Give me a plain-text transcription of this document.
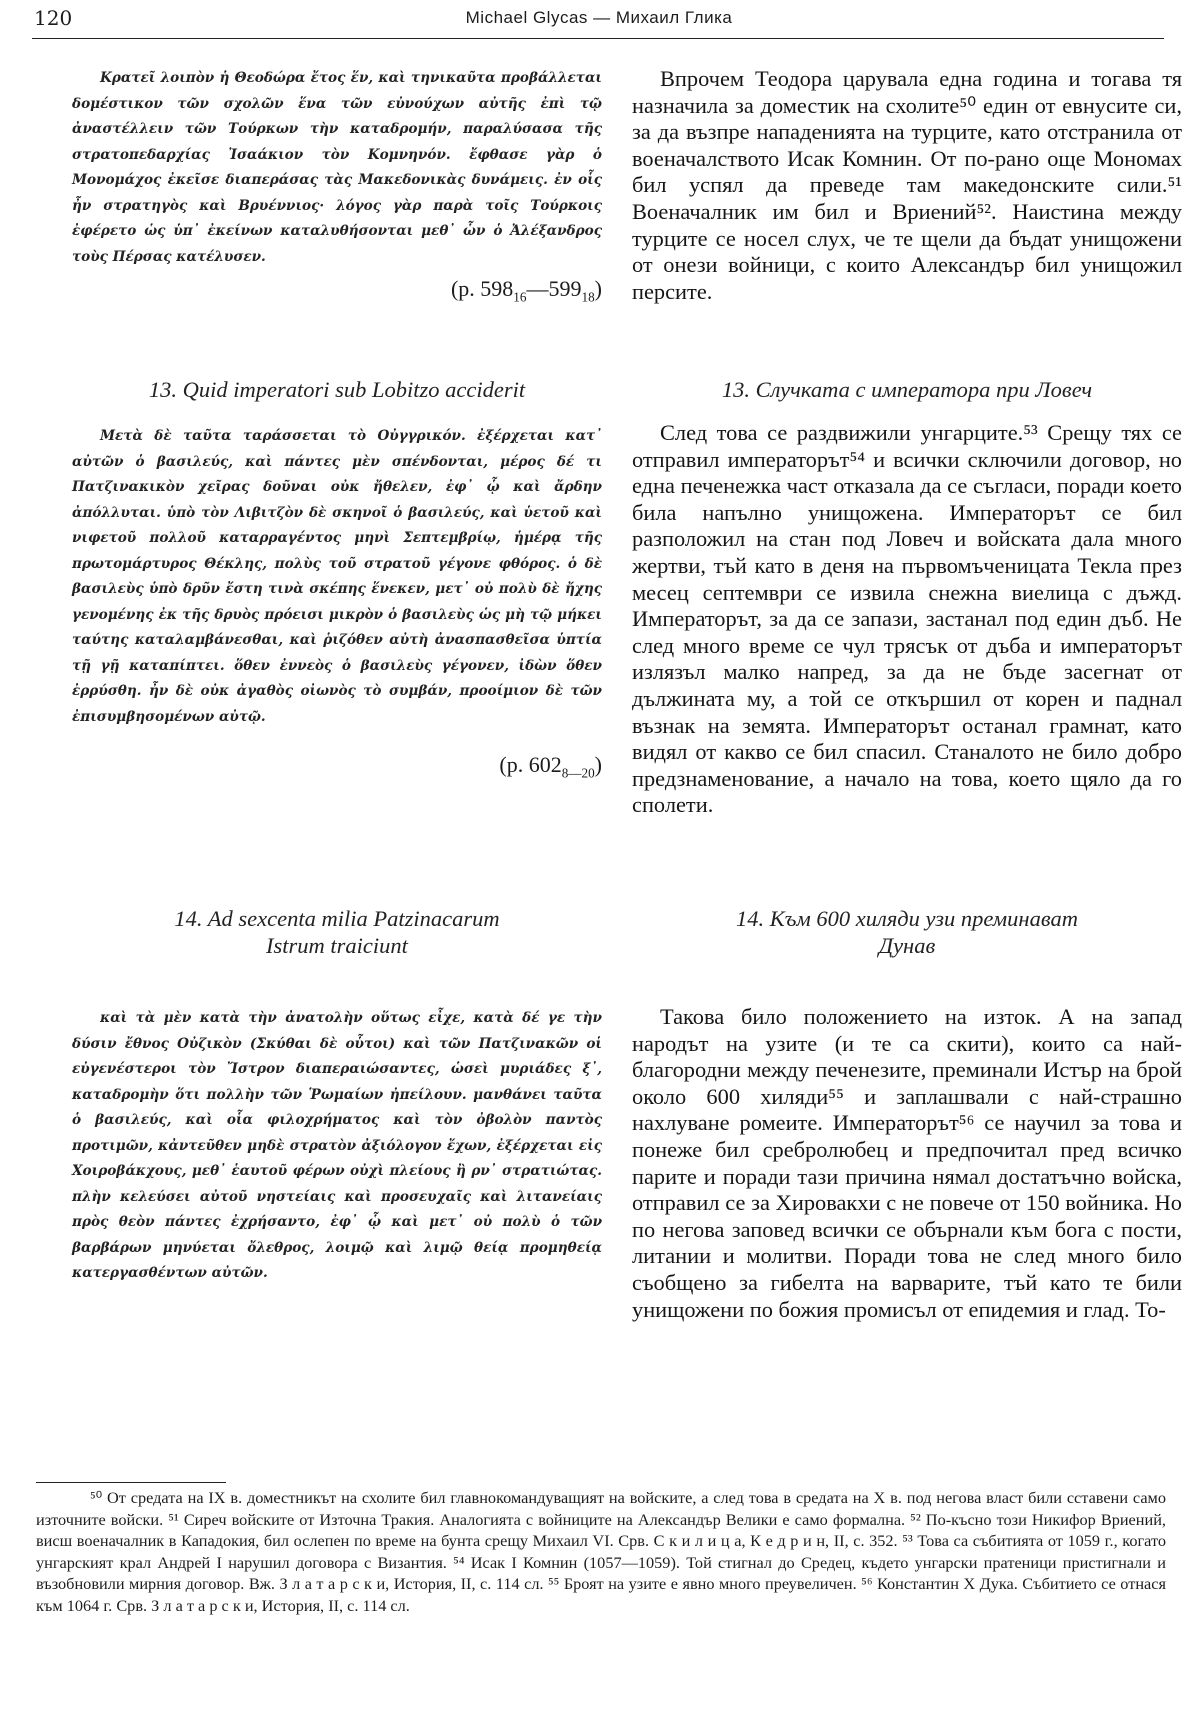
120	Michael Glycas — Михаил Глика

Κρατεῖ λοιπὸν ἡ Θεοδώρα ἔτος ἕν, καὶ τηνικαῦτα προβάλλεται δομέστικον τῶν σχολῶν ἕνα τῶν εὐνούχων αὐτῆς ἐπὶ τῷ ἀναστέλλειν τῶν Τούρκων τὴν καταδρομήν, παραλύσασα τῆς στρατοπεδαρχίας Ἰσαάκιον τὸν Κομνηνόν. ἔφθασε γὰρ ὁ Μονομάχος ἐκεῖσε διαπεράσας τὰς Μακεδονικὰς δυνάμεις. ἐν οἷς ἦν στρατηγὸς καὶ Βρυέννιος· λόγος γὰρ παρὰ τοῖς Τούρκοις ἐφέρετο ὡς ὑπ᾽ ἐκείνων καταλυθήσονται μεθ᾽ ὧν ὁ Ἀλέξανδρος τοὺς Πέρσας κατέλυσεν.

(p. $598_{16}—599_{18}$)

Впрочем Теодора царувала една година и тогава тя назначила за доместик на схолите⁵⁰ един от евнусите си, за да възпре нападенията на турците, като отстранила от военачалството Исак Комнин. От по-рано още Мономах бил успял да преведе там македонските сили.⁵¹ Военачалник им бил и Вриений⁵². Наистина между турците се носел слух, че те щели да бъдат унищожени от онези войници, с които Александър бил унищожил персите.

13. Quid imperatori sub Lobitzo acciderit	13. Случката с императора при Ловеч

Μετὰ δὲ ταῦτα ταράσσεται τὸ Οὐγγρικόν. ἐξέρχεται κατ᾽ αὐτῶν ὁ βασιλεύς, καὶ πάντες μὲν σπένδονται, μέρος δέ τι Πατζινακικὸν χεῖρας δοῦναι οὐκ ἤθελεν, ἐφ᾽ ᾧ καὶ ἄρδην ἀπόλλυται. ὑπὸ τὸν Λιβιτζὸν δὲ σκηνοῖ ὁ βασιλεύς, καὶ ὑετοῦ καὶ νιφετοῦ πολλοῦ καταρραγέντος μηνὶ Σεπτεμβρίῳ, ἡμέρᾳ τῆς πρωτομάρτυρος Θέκλης, πολὺς τοῦ στρατοῦ γέγονε φθόρος. ὁ δὲ βασιλεὺς ὑπὸ δρῦν ἔστη τινὰ σκέπης ἕνεκεν, μετ᾽ οὐ πολὺ δὲ ἤχης γενομένης ἐκ τῆς δρυὸς πρόεισι μικρὸν ὁ βασιλεὺς ὡς μὴ τῷ μήκει ταύτης καταλαμβάνεσθαι, καὶ ῥιζόθεν αὐτὴ ἀνασπασθεῖσα ὑπτία τῇ γῇ καταπίπτει. ὅθεν ἐννεὸς ὁ βασιλεὺς γέγονεν, ἰδὼν ὅθεν ἐρρύσθη. ἦν δὲ οὐκ ἀγαθὸς οἰωνὸς τὸ συμβάν, προοίμιον δὲ τῶν ἐπισυμβησομένων αὐτῷ.

(p. $602_{8—20}$)

След това се раздвижили унгарците.⁵³ Срещу тях се отправил императорът⁵⁴ и всички сключили договор, но една печенежка част отказала да се съгласи, поради което била напълно унищожена. Императорът се бил разположил на стан под Ловеч и войската дала много жертви, тъй като в деня на първомъченицата Текла през месец септември се извила снежна виелица с дъжд. Императорът, за да се запази, застанал под един дъб. Не след много време се чул трясък от дъба и императорът излязъл малко напред, за да не бъде засегнат от дължината му, а той се откършил от корен и паднал възнак на земята. Императорът останал грамнат, като видял от какво се бил спасил. Станалото не било добро предзнаменование, а начало на това, което щяло да го сполети.

14. Ad sexcenta milia Patzinacarum
Istrum traiciunt

14. Към 600 хиляди узи преминават
Дунав

καὶ τὰ μὲν κατὰ τὴν ἀνατολὴν οὕτως εἶχε, κατὰ δέ γε τὴν δύσιν ἔθνος Οὐζικὸν (Σκύθαι δὲ οὗτοι) καὶ τῶν Πατζινακῶν οἱ εὐγενέστεροι τὸν Ἴστρον διαπεραιώσαντες, ὡσεὶ μυριάδες ξ᾽, καταδρομὴν ὅτι πολλὴν τῶν Ῥωμαίων ἠπείλουν. μανθάνει ταῦτα ὁ βασιλεύς, καὶ οἷα φιλοχρήματος καὶ τὸν ὀβολὸν παντὸς προτιμῶν, κἀντεῦθεν μηδὲ στρατὸν ἀξιόλογον ἔχων, ἐξέρχεται εἰς Χοιροβάκχους, μεθ᾽ ἑαυτοῦ φέρων οὐχὶ πλείους ἢ ρν᾽ στρατιώτας. πλὴν κελεύσει αὐτοῦ νηστείαις καὶ προσευχαῖς καὶ λιτανείαις πρὸς θεὸν πάντες ἐχρήσαντο, ἐφ᾽ ᾧ καὶ μετ᾽ οὐ πολὺ ὁ τῶν βαρβάρων μηνύεται ὄλεθρος, λοιμῷ καὶ λιμῷ θείᾳ προμηθείᾳ κατεργασθέντων αὐτῶν.

Такова било положението на изток. А на запад народът на узите (и те са скити), които са най-благородни между печенезите, преминали Истър на брой около 600 хиляди⁵⁵ и заплашвали с най-страшно нахлуване ромеите. Императорът⁵⁶ се научил за това и понеже бил сребролюбец и предпочитал пред всичко парите и поради тази причина нямал достатъчно войска, отправил се за Хировакхи с не повече от 150 войника. Но по негова заповед всички се обърнали към бога с пости, литании и молитви. Поради това не след много било съобщено за гибелта на варварите, тъй като те били унищожени по божия промисъл от епидемия и глад. То-

⁵⁰ От средата на IX в. доместникът на схолите бил главнокомандуващият на войските, а след това в средата на X в. под негова власт били сставени само източните войски. ⁵¹ Сиреч войските от Източна Тракия. Аналогията с войниците на Александър Велики е само формална. ⁵² По-късно този Никифор Вриений, висш военачалник в Кападокия, бил ослепен по време на бунта срещу Михаил VI. Срв. С к и л и ц а, К е д р и н, II, с. 352. ⁵³ Това са събитията от 1059 г., когато унгарският крал Андрей I нарушил договора с Византия. ⁵⁴ Исак I Комнин (1057—1059). Той стигнал до Средец, където унгарски пратеници пристигнали и възобновили мирния договор. Вж. З л а т а р с к и, История, II, с. 114 сл. ⁵⁵ Броят на узите е явно много преувеличен. ⁵⁶ Константин X Дука. Събитието се отнася към 1064 г. Срв. З л а т а р с к и, История, II, с. 114 сл.
